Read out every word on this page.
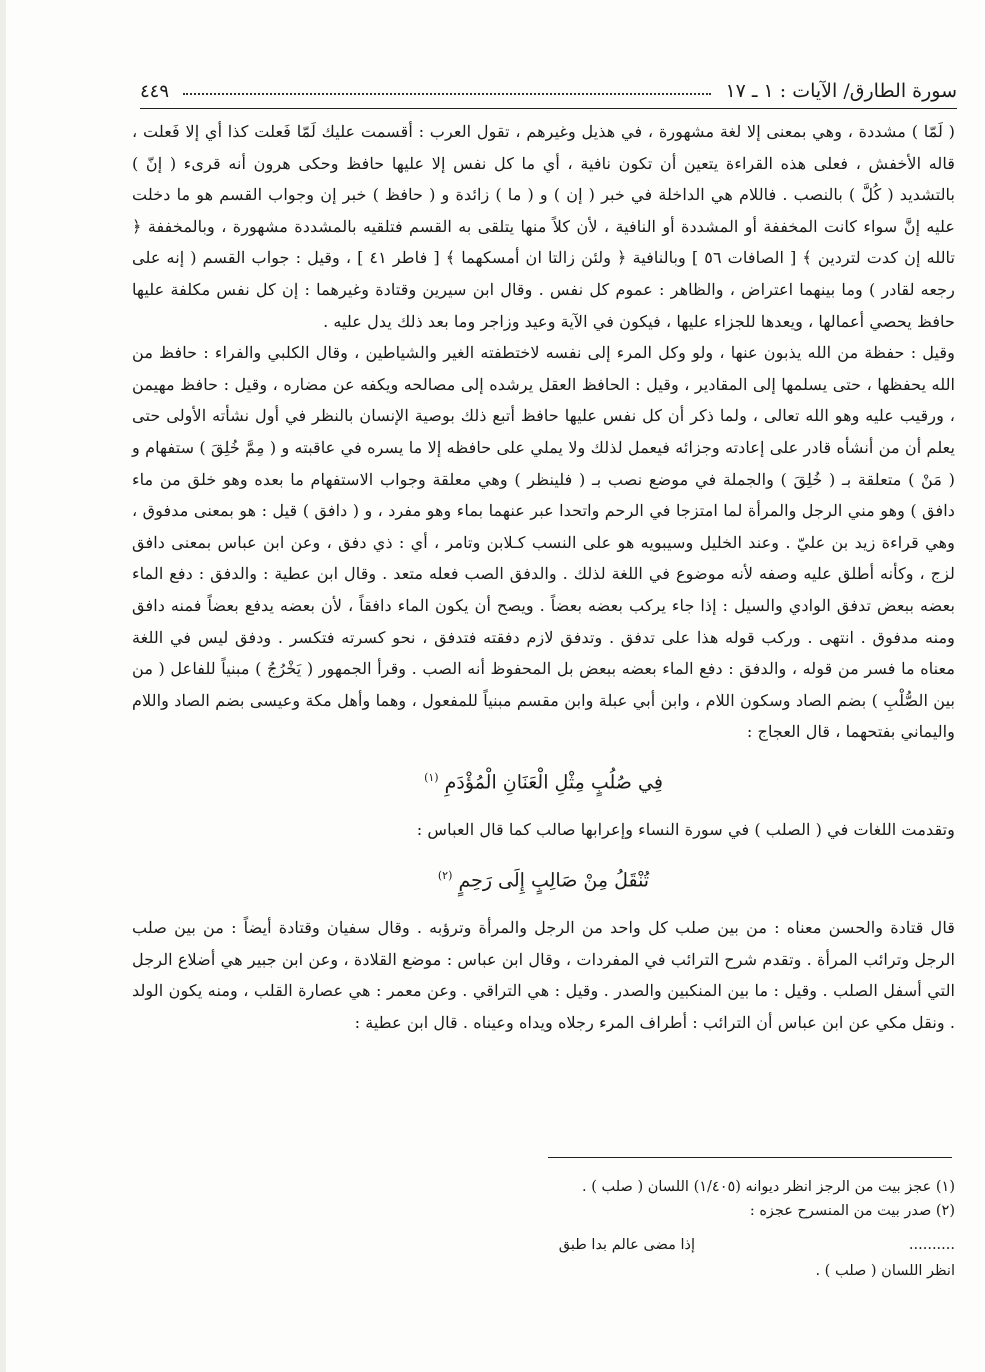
سورة الطارق/ الآيات : ١ ـ ١٧
٤٤٩

( لَمّا ) مشددة ، وهي بمعنى إلا لغة مشهورة ، في هذيل وغيرهم ، تقول العرب : أقسمت عليك لَمّا فَعلت كذا أي إلا فَعلت ، قاله الأخفش ، فعلى هذه القراءة يتعين أن تكون نافية ، أي ما كل نفس إلا عليها حافظ وحكى هرون أنه قرىء ( إنّ ) بالتشديد ( كُلَّ ) بالنصب . فاللام هي الداخلة في خبر ( إن ) و ( ما ) زائدة و ( حافظ ) خبر إن وجواب القسم هو ما دخلت عليه إنَّ سواء كانت المخففة أو المشددة أو النافية ، لأن كلاً منها يتلقى به القسم فتلقيه بالمشددة مشهورة ، وبالمخففة ﴿ تالله إن كدت لتردين ﴾ [ الصافات ٥٦ ] وبالنافية ﴿ ولئن زالتا ان أمسكهما ﴾ [ فاطر ٤١ ] ، وقيل : جواب القسم ( إنه على رجعه لقادر ) وما بينهما اعتراض ، والظاهر : عموم كل نفس . وقال ابن سيرين وقتادة وغيرهما : إن كل نفس مكلفة عليها حافظ يحصي أعمالها ، ويعدها للجزاء عليها ، فيكون في الآية وعيد وزاجر وما بعد ذلك يدل عليه .

وقيل : حفظة من الله يذبون عنها ، ولو وكل المرء إلى نفسه لاختطفته الغير والشياطين ، وقال الكلبي والفراء : حافظ من الله يحفظها ، حتى يسلمها إلى المقادير ، وقيل : الحافظ العقل يرشده إلى مصالحه ويكفه عن مضاره ، وقيل : حافظ مهيمن ، ورقيب عليه وهو الله تعالى ، ولما ذكر أن كل نفس عليها حافظ أتبع ذلك بوصية الإنسان بالنظر في أول نشأته الأولى حتى يعلم أن من أنشأه قادر على إعادته وجزائه فيعمل لذلك ولا يملي على حافظه إلا ما يسره في عاقبته و ( مِمَّ خُلِقَ ) ستفهام و ( مَنْ ) متعلقة بـ ( خُلِقَ ) والجملة في موضع نصب بـ ( فلينظر ) وهي معلقة وجواب الاستفهام ما بعده وهو خلق من ماء دافق ) وهو مني الرجل والمرأة لما امتزجا في الرحم واتحدا عبر عنهما بماء وهو مفرد ، و ( دافق ) قيل : هو بمعنى مدفوق ، وهي قراءة زيد بن عليّ . وعند الخليل وسيبويه هو على النسب كـلابن وتامر ، أي : ذي دفق ، وعن ابن عباس بمعنى دافق لزج ، وكأنه أطلق عليه وصفه لأنه موضوع في اللغة لذلك . والدفق الصب فعله متعد . وقال ابن عطية : والدفق : دفع الماء بعضه ببعض تدفق الوادي والسيل : إذا جاء يركب بعضه بعضاً . ويصح أن يكون الماء دافقاً ، لأن بعضه يدفع بعضاً فمنه دافق ومنه مدفوق . انتهى . وركب قوله هذا على تدفق . وتدفق لازم دفقته فتدفق ، نحو كسرته فتكسر . ودفق ليس في اللغة معناه ما فسر من قوله ، والدفق : دفع الماء بعضه ببعض بل المحفوظ أنه الصب . وقرأ الجمهور ( يَخْرُجُ ) مبنياً للفاعل ( من بين الصُّلْبِ ) بضم الصاد وسكون اللام ، وابن أبي عبلة وابن مقسم مبنياً للمفعول ، وهما وأهل مكة وعيسى بضم الصاد واللام واليماني بفتحهما ، قال العجاج :

فِي صُلُبٍ مِثْلِ الْعَنَانِ الْمُؤْدَمِ $^{(١)}$

وتقدمت اللغات في ( الصلب ) في سورة النساء وإعرابها صالب كما قال العباس :

تُنْقَلُ مِنْ صَالِبٍ إِلَى رَحِمٍ $^{(٢)}$

قال قتادة والحسن معناه : من بين صلب كل واحد من الرجل والمرأة وترؤبه . وقال سفيان وقتادة أيضاً : من بين صلب الرجل وترائب المرأة . وتقدم شرح الترائب في المفردات ، وقال ابن عباس : موضع القلادة ، وعن ابن جبير هي أضلاع الرجل التي أسفل الصلب . وقيل : ما بين المنكبين والصدر . وقيل : هي التراقي . وعن معمر : هي عصارة القلب ، ومنه يكون الولد . ونقل مكي عن ابن عباس أن الترائب : أطراف المرء رجلاه ويداه وعيناه . قال ابن عطية :

(١) عجز بيت من الرجز انظر ديوانه (١/٤٠٥) اللسان ( صلب ) .

(٢) صدر بيت من المنسرح عجزه :

..........
إذا مضى عالم بدا طبق

انظر اللسان ( صلب ) .
